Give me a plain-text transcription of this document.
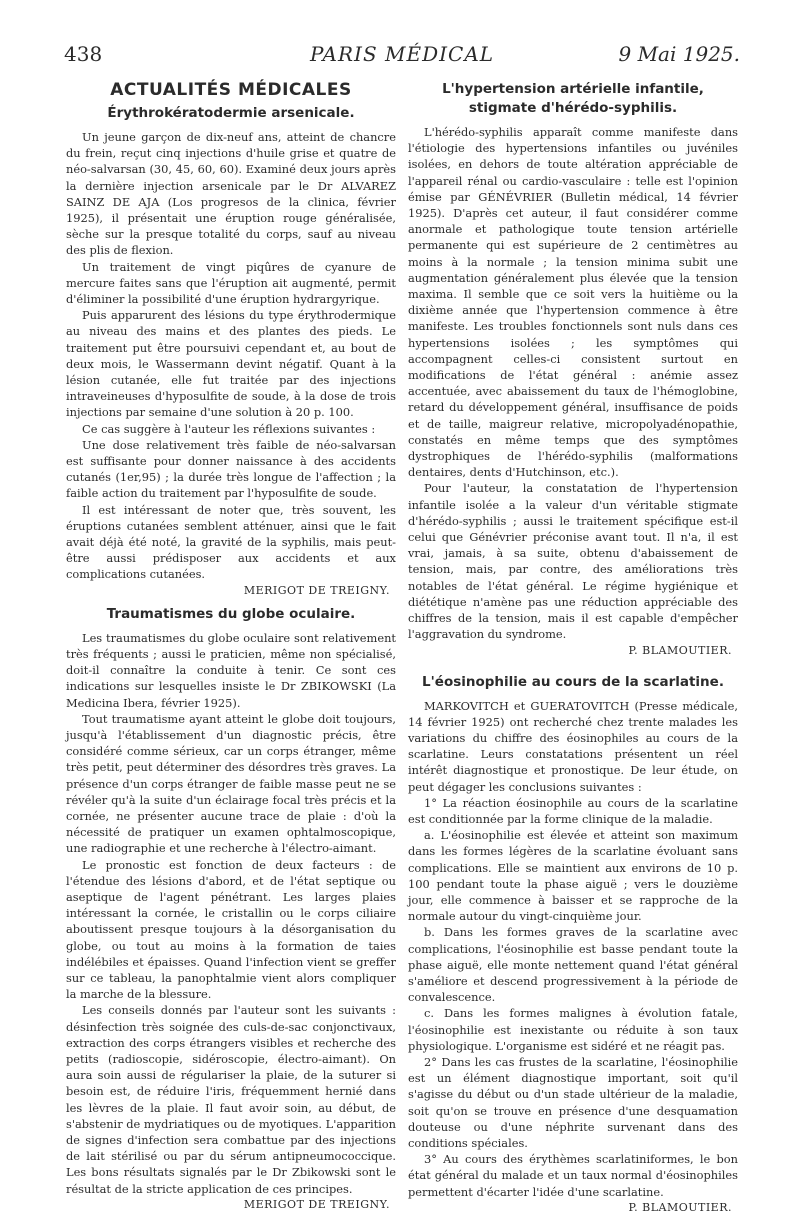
438	PARIS MÉDICAL	9 Mai 1925.
ACTUALITÉS MÉDICALES
Érythrokératodermie arsenicale.

Un jeune garçon de dix-neuf ans, atteint de chancre du frein, reçut cinq injections d'huile grise et quatre de néo-salvarsan (30, 45, 60, 60). Examiné deux jours après la dernière injection arsenicale par le Dr ALVAREZ SAINZ DE AJA (Los progresos de la clinica, février 1925), il présentait une éruption rouge généralisée, sèche sur la presque totalité du corps, sauf au niveau des plis de flexion.

Un traitement de vingt piqûres de cyanure de mercure faites sans que l'éruption ait augmenté, permit d'éliminer la possibilité d'une éruption hydrargyrique.

Puis apparurent des lésions du type érythrodermique au niveau des mains et des plantes des pieds. Le traitement put être poursuivi cependant et, au bout de deux mois, le Wassermann devint négatif. Quant à la lésion cutanée, elle fut traitée par des injections intraveineuses d'hyposulfite de soude, à la dose de trois injections par semaine d'une solution à 20 p. 100.

Ce cas suggère à l'auteur les réflexions suivantes :

Une dose relativement très faible de néo-salvarsan est suffisante pour donner naissance à des accidents cutanés (1er,95) ; la durée très longue de l'affection ; la faible action du traitement par l'hyposulfite de soude.

Il est intéressant de noter que, très souvent, les éruptions cutanées semblent atténuer, ainsi que le fait avait déjà été noté, la gravité de la syphilis, mais peut-être aussi prédisposer aux accidents et aux complications cutanées.

MERIGOT DE TREIGNY.
Traumatismes du globe oculaire.

Les traumatismes du globe oculaire sont relativement très fréquents ; aussi le praticien, même non spécialisé, doit-il connaître la conduite à tenir. Ce sont ces indications sur lesquelles insiste le Dr ZBIKOWSKI (La Medicina Ibera, février 1925).

Tout traumatisme ayant atteint le globe doit toujours, jusqu'à l'établissement d'un diagnostic précis, être considéré comme sérieux, car un corps étranger, même très petit, peut déterminer des désordres très graves. La présence d'un corps étranger de faible masse peut ne se révéler qu'à la suite d'un éclairage focal très précis et la cornée, ne présenter aucune trace de plaie : d'où la nécessité de pratiquer un examen ophtalmoscopique, une radiographie et une recherche à l'électro-aimant.

Le pronostic est fonction de deux facteurs : de l'étendue des lésions d'abord, et de l'état septique ou aseptique de l'agent pénétrant. Les larges plaies intéressant la cornée, le cristallin ou le corps ciliaire aboutissent presque toujours à la désorganisation du globe, ou tout au moins à la formation de taies indélébiles et épaisses. Quand l'infection vient se greffer sur ce tableau, la panophtalmie vient alors compliquer la marche de la blessure.

Les conseils donnés par l'auteur sont les suivants : désinfection très soignée des culs-de-sac conjonctivaux, extraction des corps étrangers visibles et recherche des petits (radioscopie, sidéroscopie, électro-aimant). On aura soin aussi de régulariser la plaie, de la suturer si besoin est, de réduire l'iris, fréquemment hernié dans les lèvres de la plaie. Il faut avoir soin, au début, de s'abstenir de mydriatiques ou de myotiques. L'apparition de signes d'infection sera combattue par des injections de lait stérilisé ou par du sérum antipneumococcique. Les bons résultats signalés par le Dr Zbikowski sont le résultat de la stricte application de ces principes.

MERIGOT DE TREIGNY.
L'hypertension artérielle infantile, stigmate d'hérédo-syphilis.

L'hérédo-syphilis apparaît comme manifeste dans l'étiologie des hypertensions infantiles ou juvéniles isolées, en dehors de toute altération appréciable de l'appareil rénal ou cardio-vasculaire : telle est l'opinion émise par GÉNÉVRIER (Bulletin médical, 14 février 1925). D'après cet auteur, il faut considérer comme anormale et pathologique toute tension artérielle permanente qui est supérieure de 2 centimètres au moins à la normale ; la tension minima subit une augmentation généralement plus élevée que la tension maxima. Il semble que ce soit vers la huitième ou la dixième année que l'hypertension commence à être manifeste. Les troubles fonctionnels sont nuls dans ces hypertensions isolées ; les symptômes qui accompagnent celles-ci consistent surtout en modifications de l'état général : anémie assez accentuée, avec abaissement du taux de l'hémoglobine, retard du développement général, insuffisance de poids et de taille, maigreur relative, micropolyadénopathie, constatés en même temps que des symptômes dystrophiques de l'hérédo-syphilis (malformations dentaires, dents d'Hutchinson, etc.).

Pour l'auteur, la constatation de l'hypertension infantile isolée a la valeur d'un véritable stigmate d'hérédo-syphilis ; aussi le traitement spécifique est-il celui que Génévrier préconise avant tout. Il n'a, il est vrai, jamais, à sa suite, obtenu d'abaissement de tension, mais, par contre, des améliorations très notables de l'état général. Le régime hygiénique et diététique n'amène pas une réduction appréciable des chiffres de la tension, mais il est capable d'empêcher l'aggravation du syndrome.

P. BLAMOUTIER.
L'éosinophilie au cours de la scarlatine.

MARKOVITCH et GUERATOVITCH (Presse médicale, 14 février 1925) ont recherché chez trente malades les variations du chiffre des éosinophiles au cours de la scarlatine. Leurs constatations présentent un réel intérêt diagnostique et pronostique. De leur étude, on peut dégager les conclusions suivantes :

1° La réaction éosinophile au cours de la scarlatine est conditionnée par la forme clinique de la maladie.

a. L'éosinophilie est élevée et atteint son maximum dans les formes légères de la scarlatine évoluant sans complications. Elle se maintient aux environs de 10 p. 100 pendant toute la phase aiguë ; vers le douzième jour, elle commence à baisser et se rapproche de la normale autour du vingt-cinquième jour.

b. Dans les formes graves de la scarlatine avec complications, l'éosinophilie est basse pendant toute la phase aiguë, elle monte nettement quand l'état général s'améliore et descend progressivement à la période de convalescence.

c. Dans les formes malignes à évolution fatale, l'éosinophilie est inexistante ou réduite à son taux physiologique. L'organisme est sidéré et ne réagit pas.

2° Dans les cas frustes de la scarlatine, l'éosinophilie est un élément diagnostique important, soit qu'il s'agisse du début ou d'un stade ultérieur de la maladie, soit qu'on se trouve en présence d'une desquamation douteuse ou d'une néphrite survenant dans des conditions spéciales.

3° Au cours des érythèmes scarlatiniformes, le bon état général du malade et un taux normal d'éosinophiles permettent d'écarter l'idée d'une scarlatine.

P. BLAMOUTIER.
